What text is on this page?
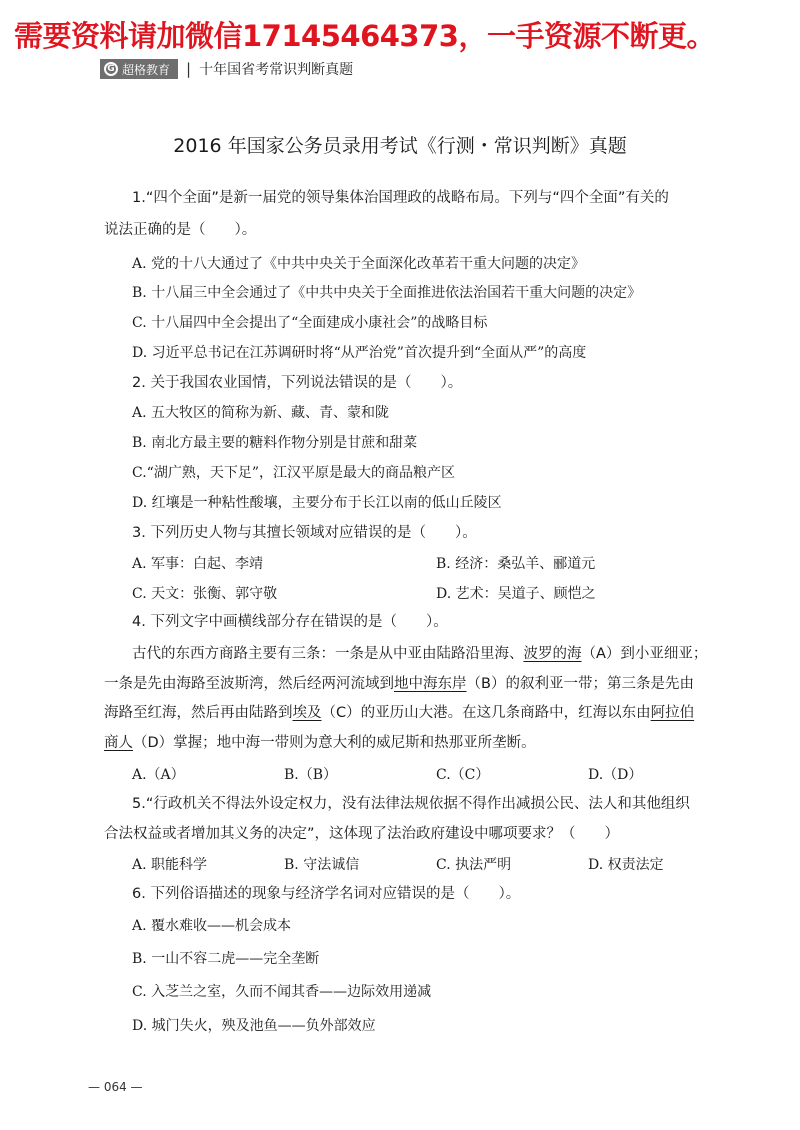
需要资料请加微信17145464373，一手资源不断更。
G 超格教育 | 十年国省考常识判断真题
2016 年国家公务员录用考试《行测・常识判断》真题
1.“四个全面”是新一届党的领导集体治国理政的战略布局。下列与“四个全面”有关的
说法正确的是（　　）。
A. 党的十八大通过了《中共中央关于全面深化改革若干重大问题的决定》
B. 十八届三中全会通过了《中共中央关于全面推进依法治国若干重大问题的决定》
C. 十八届四中全会提出了“全面建成小康社会”的战略目标
D. 习近平总书记在江苏调研时将“从严治党”首次提升到“全面从严”的高度
2. 关于我国农业国情，下列说法错误的是（　　）。
A. 五大牧区的简称为新、藏、青、蒙和陇
B. 南北方最主要的糖料作物分别是甘蔗和甜菜
C.“湖广熟，天下足”，江汉平原是最大的商品粮产区
D. 红壤是一种粘性酸壤，主要分布于长江以南的低山丘陵区
3. 下列历史人物与其擅长领域对应错误的是（　　）。
A. 军事：白起、李靖	B. 经济：桑弘羊、郦道元
C. 天文：张衡、郭守敬	D. 艺术：吴道子、顾恺之
4. 下列文字中画横线部分存在错误的是（　　）。
古代的东西方商路主要有三条：一条是从中亚由陆路沿里海、波罗的海（A）到小亚细亚；
一条是先由海路至波斯湾，然后经两河流域到地中海东岸（B）的叙利亚一带；第三条是先由
海路至红海，然后再由陆路到埃及（C）的亚历山大港。在这几条商路中，红海以东由阿拉伯
商人（D）掌握；地中海一带则为意大利的威尼斯和热那亚所垄断。
A.（A）	B.（B）	C.（C）	D.（D）
5.“行政机关不得法外设定权力，没有法律法规依据不得作出减损公民、法人和其他组织
合法权益或者增加其义务的决定”，这体现了法治政府建设中哪项要求？（　　）
A. 职能科学	B. 守法诚信	C. 执法严明	D. 权责法定
6. 下列俗语描述的现象与经济学名词对应错误的是（　　）。
A. 覆水难收——机会成本
B. 一山不容二虎——完全垄断
C. 入芝兰之室，久而不闻其香——边际效用递减
D. 城门失火，殃及池鱼——负外部效应
— 064 —
